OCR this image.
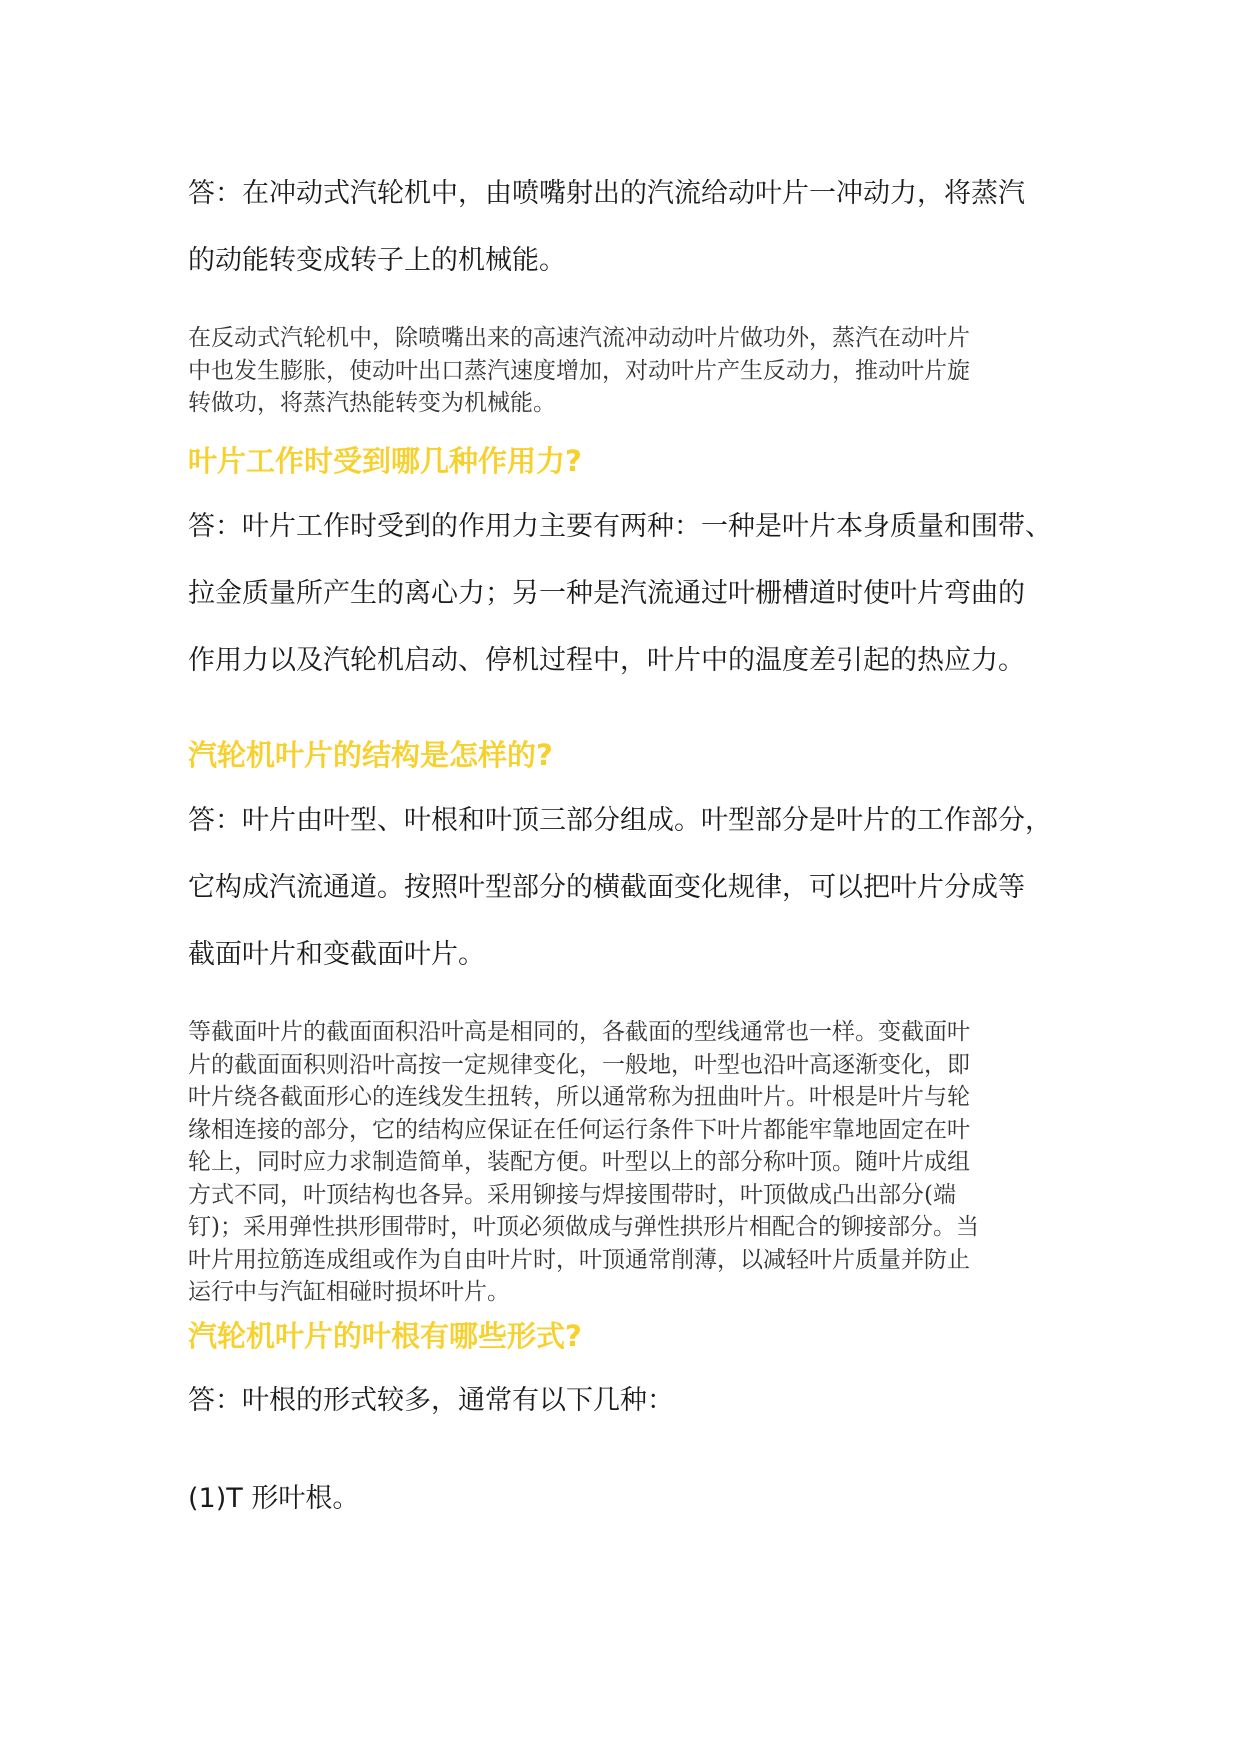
答：在冲动式汽轮机中，由喷嘴射出的汽流给动叶片一冲动力，将蒸汽
的动能转变成转子上的机械能。
在反动式汽轮机中，除喷嘴出来的高速汽流冲动动叶片做功外，蒸汽在动叶片
中也发生膨胀，使动叶出口蒸汽速度增加，对动叶片产生反动力，推动叶片旋
转做功，将蒸汽热能转变为机械能。
叶片工作时受到哪几种作用力?
答：叶片工作时受到的作用力主要有两种：一种是叶片本身质量和围带、
拉金质量所产生的离心力；另一种是汽流通过叶栅槽道时使叶片弯曲的
作用力以及汽轮机启动、停机过程中，叶片中的温度差引起的热应力。
汽轮机叶片的结构是怎样的?
答：叶片由叶型、叶根和叶顶三部分组成。叶型部分是叶片的工作部分，
它构成汽流通道。按照叶型部分的横截面变化规律，可以把叶片分成等
截面叶片和变截面叶片。
等截面叶片的截面面积沿叶高是相同的，各截面的型线通常也一样。变截面叶
片的截面面积则沿叶高按一定规律变化，一般地，叶型也沿叶高逐渐变化，即
叶片绕各截面形心的连线发生扭转，所以通常称为扭曲叶片。叶根是叶片与轮
缘相连接的部分，它的结构应保证在任何运行条件下叶片都能牢靠地固定在叶
轮上，同时应力求制造简单，装配方便。叶型以上的部分称叶顶。随叶片成组
方式不同，叶顶结构也各异。采用铆接与焊接围带时，叶顶做成凸出部分(端
钉)；采用弹性拱形围带时，叶顶必须做成与弹性拱形片相配合的铆接部分。当
叶片用拉筋连成组或作为自由叶片时，叶顶通常削薄，以减轻叶片质量并防止
运行中与汽缸相碰时损坏叶片。
汽轮机叶片的叶根有哪些形式?
答：叶根的形式较多，通常有以下几种：
(1)T 形叶根。
